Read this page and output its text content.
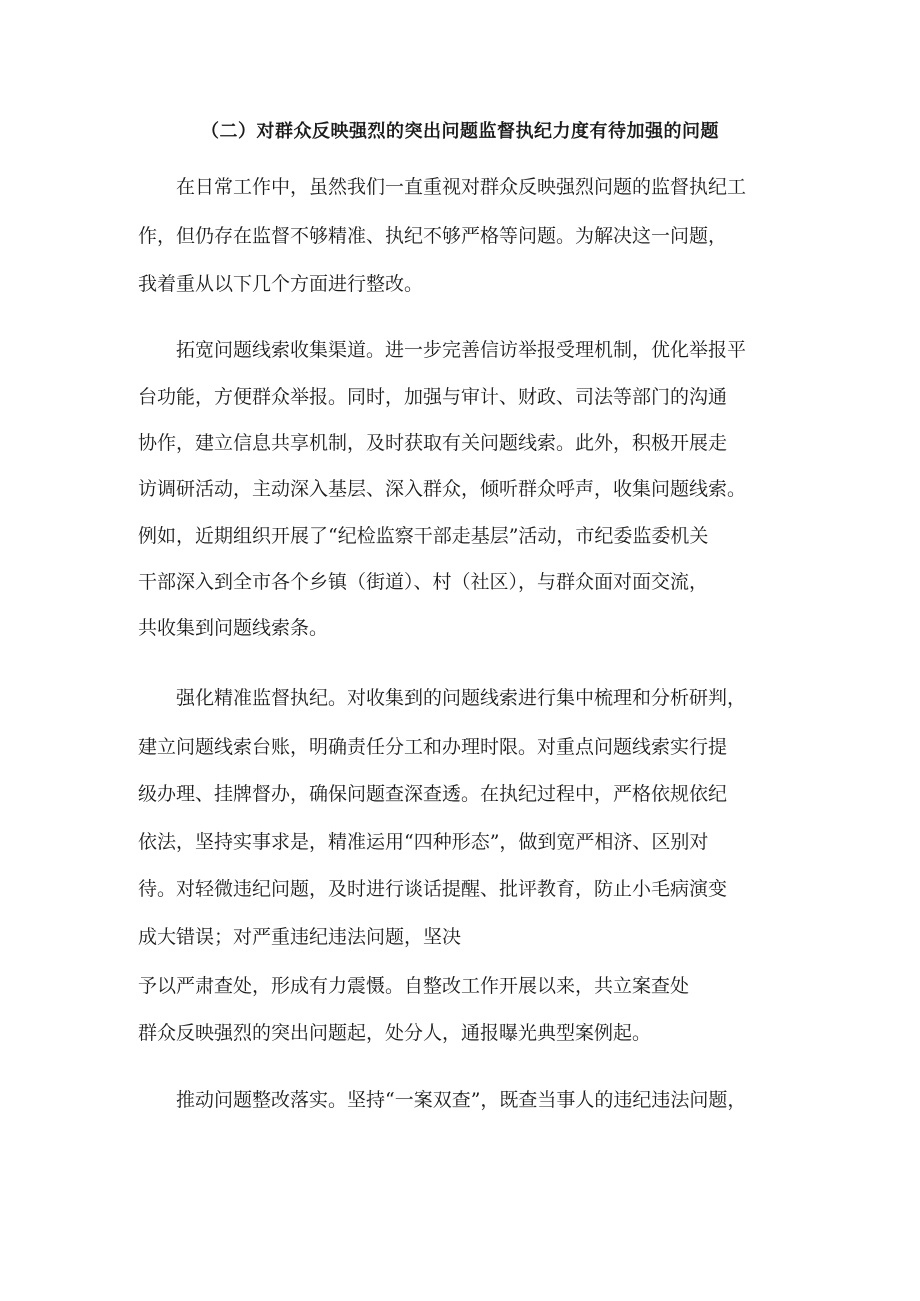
（二）对群众反映强烈的突出问题监督执纪力度有待加强的问题
在日常工作中，虽然我们一直重视对群众反映强烈问题的监督执纪工
作，但仍存在监督不够精准、执纪不够严格等问题。为解决这一问题，
我着重从以下几个方面进行整改。
拓宽问题线索收集渠道。进一步完善信访举报受理机制，优化举报平
台功能，方便群众举报。同时，加强与审计、财政、司法等部门的沟通
协作，建立信息共享机制，及时获取有关问题线索。此外，积极开展走
访调研活动，主动深入基层、深入群众，倾听群众呼声，收集问题线索。
例如，近期组织开展了“纪检监察干部走基层”活动，市纪委监委机关
干部深入到全市各个乡镇（街道）、村（社区），与群众面对面交流，
共收集到问题线索条。
强化精准监督执纪。对收集到的问题线索进行集中梳理和分析研判，
建立问题线索台账，明确责任分工和办理时限。对重点问题线索实行提
级办理、挂牌督办，确保问题查深查透。在执纪过程中，严格依规依纪
依法，坚持实事求是，精准运用“四种形态”，做到宽严相济、区别对
待。对轻微违纪问题，及时进行谈话提醒、批评教育，防止小毛病演变
成大错误；对严重违纪违法问题，坚决
予以严肃查处，形成有力震慑。自整改工作开展以来，共立案查处
群众反映强烈的突出问题起，处分人，通报曝光典型案例起。
推动问题整改落实。坚持“一案双查”，既查当事人的违纪违法问题，
